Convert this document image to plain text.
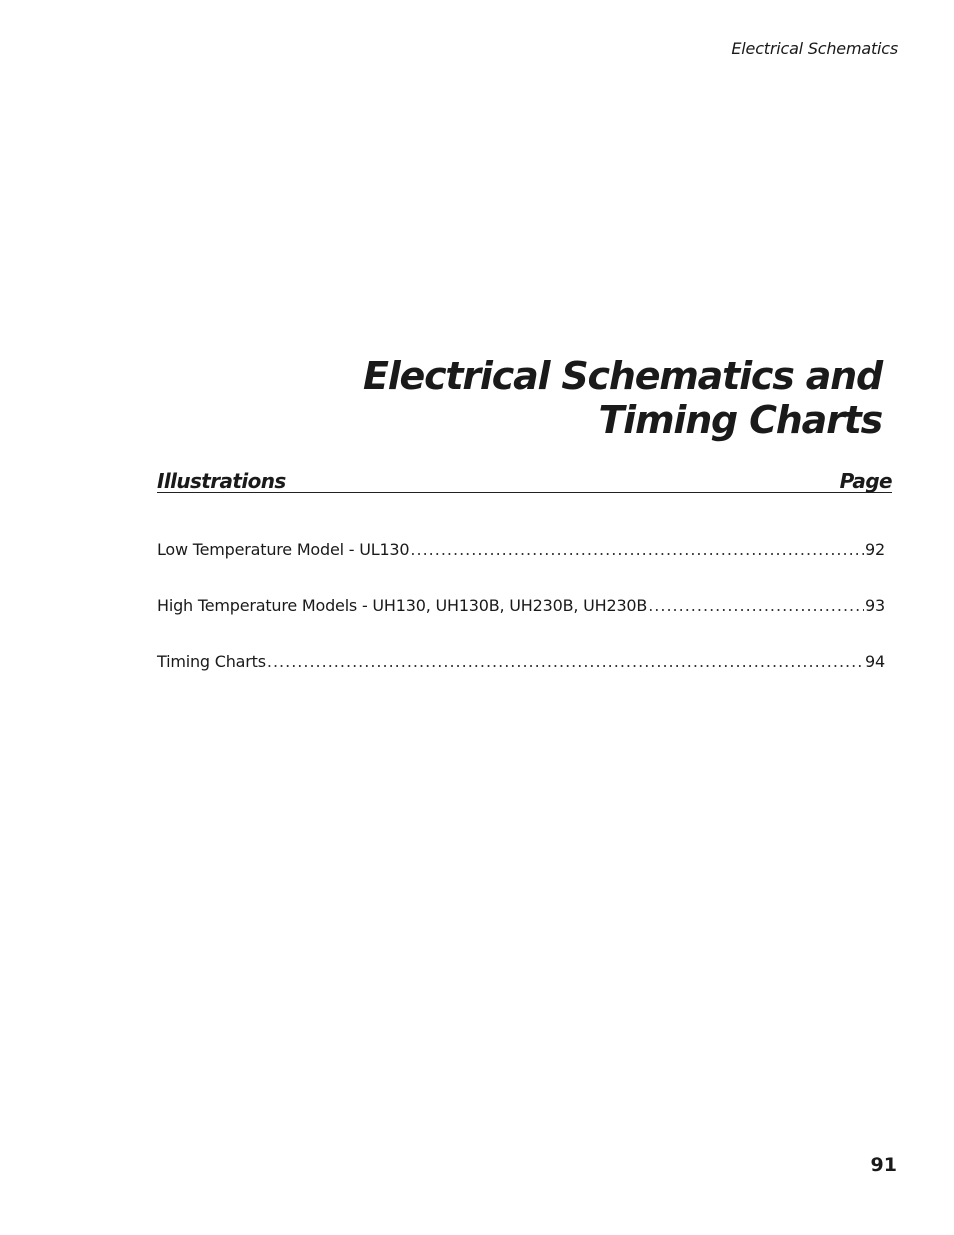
Electrical Schematics
Electrical Schematics and
Timing Charts
Illustrations	Page
Low Temperature Model - UL130 .....	92
High Temperature Models - UH130, UH130B, UH230B, UH230B .....	93
Timing Charts .....	94
91
